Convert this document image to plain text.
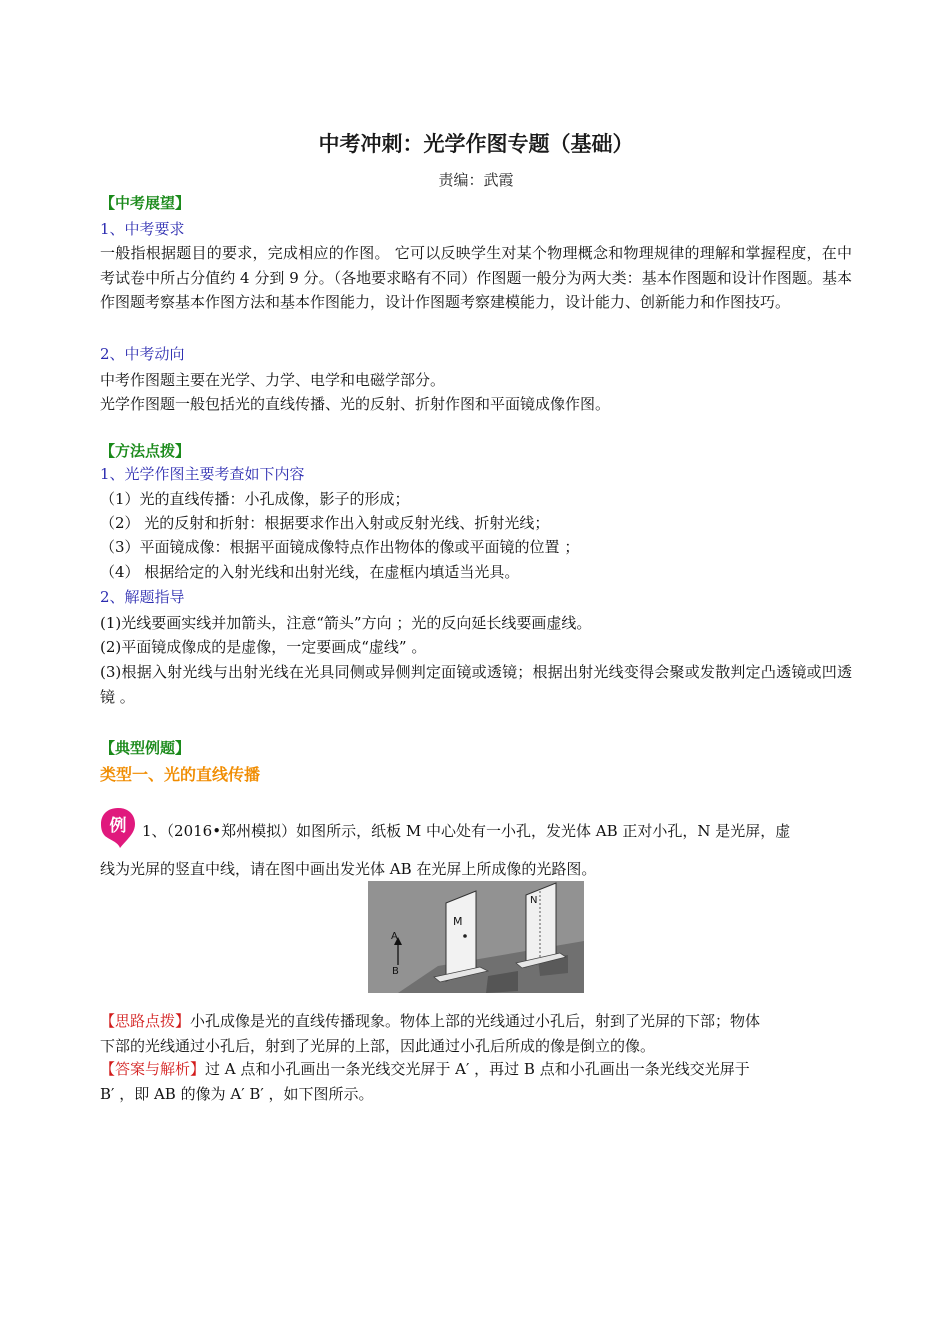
中考冲刺：光学作图专题（基础）
责编：武霞
【中考展望】
1、中考要求
一般指根据题目的要求，完成相应的作图。 它可以反映学生对某个物理概念和物理规律的理解和掌握程度，在中考试卷中所占分值约 4 分到 9 分。（各地要求略有不同）作图题一般分为两大类：基本作图题和设计作图题。基本作图题考察基本作图方法和基本作图能力，设计作图题考察建模能力，设计能力、创新能力和作图技巧。
2、中考动向
中考作图题主要在光学、力学、电学和电磁学部分。
光学作图题一般包括光的直线传播、光的反射、折射作图和平面镜成像作图。
【方法点拨】
1、光学作图主要考查如下内容
（1）光的直线传播：小孔成像，影子的形成；
（2） 光的反射和折射：根据要求作出入射或反射光线、折射光线；
（3）平面镜成像：根据平面镜成像特点作出物体的像或平面镜的位置 ；
（4） 根据给定的入射光线和出射光线，在虚框内填适当光具。
2、解题指导
(1)光线要画实线并加箭头，注意“箭头”方向 ；光的反向延长线要画虚线。
(2)平面镜成像成的是虚像，一定要画成“虚线” 。
(3)根据入射光线与出射光线在光具同侧或异侧判定面镜或透镜；根据出射光线变得会聚或发散判定凸透镜或凹透镜 。
【典型例题】
类型一、光的直线传播
例 1、（2016•郑州模拟）如图所示，纸板 M 中心处有一小孔，发光体 AB 正对小孔，N 是光屏，虚
线为光屏的竖直中线，请在图中画出发光体 AB 在光屏上所成像的光路图。
M
N
A
B
【思路点拨】小孔成像是光的直线传播现象。物体上部的光线通过小孔后，射到了光屏的下部；物体
下部的光线通过小孔后，射到了光屏的上部，因此通过小孔后所成的像是倒立的像。
【答案与解析】过 A 点和小孔画出一条光线交光屏于 A′ ，再过 B 点和小孔画出一条光线交光屏于
B′ ，即 AB 的像为 A′ B′ ，如下图所示。
